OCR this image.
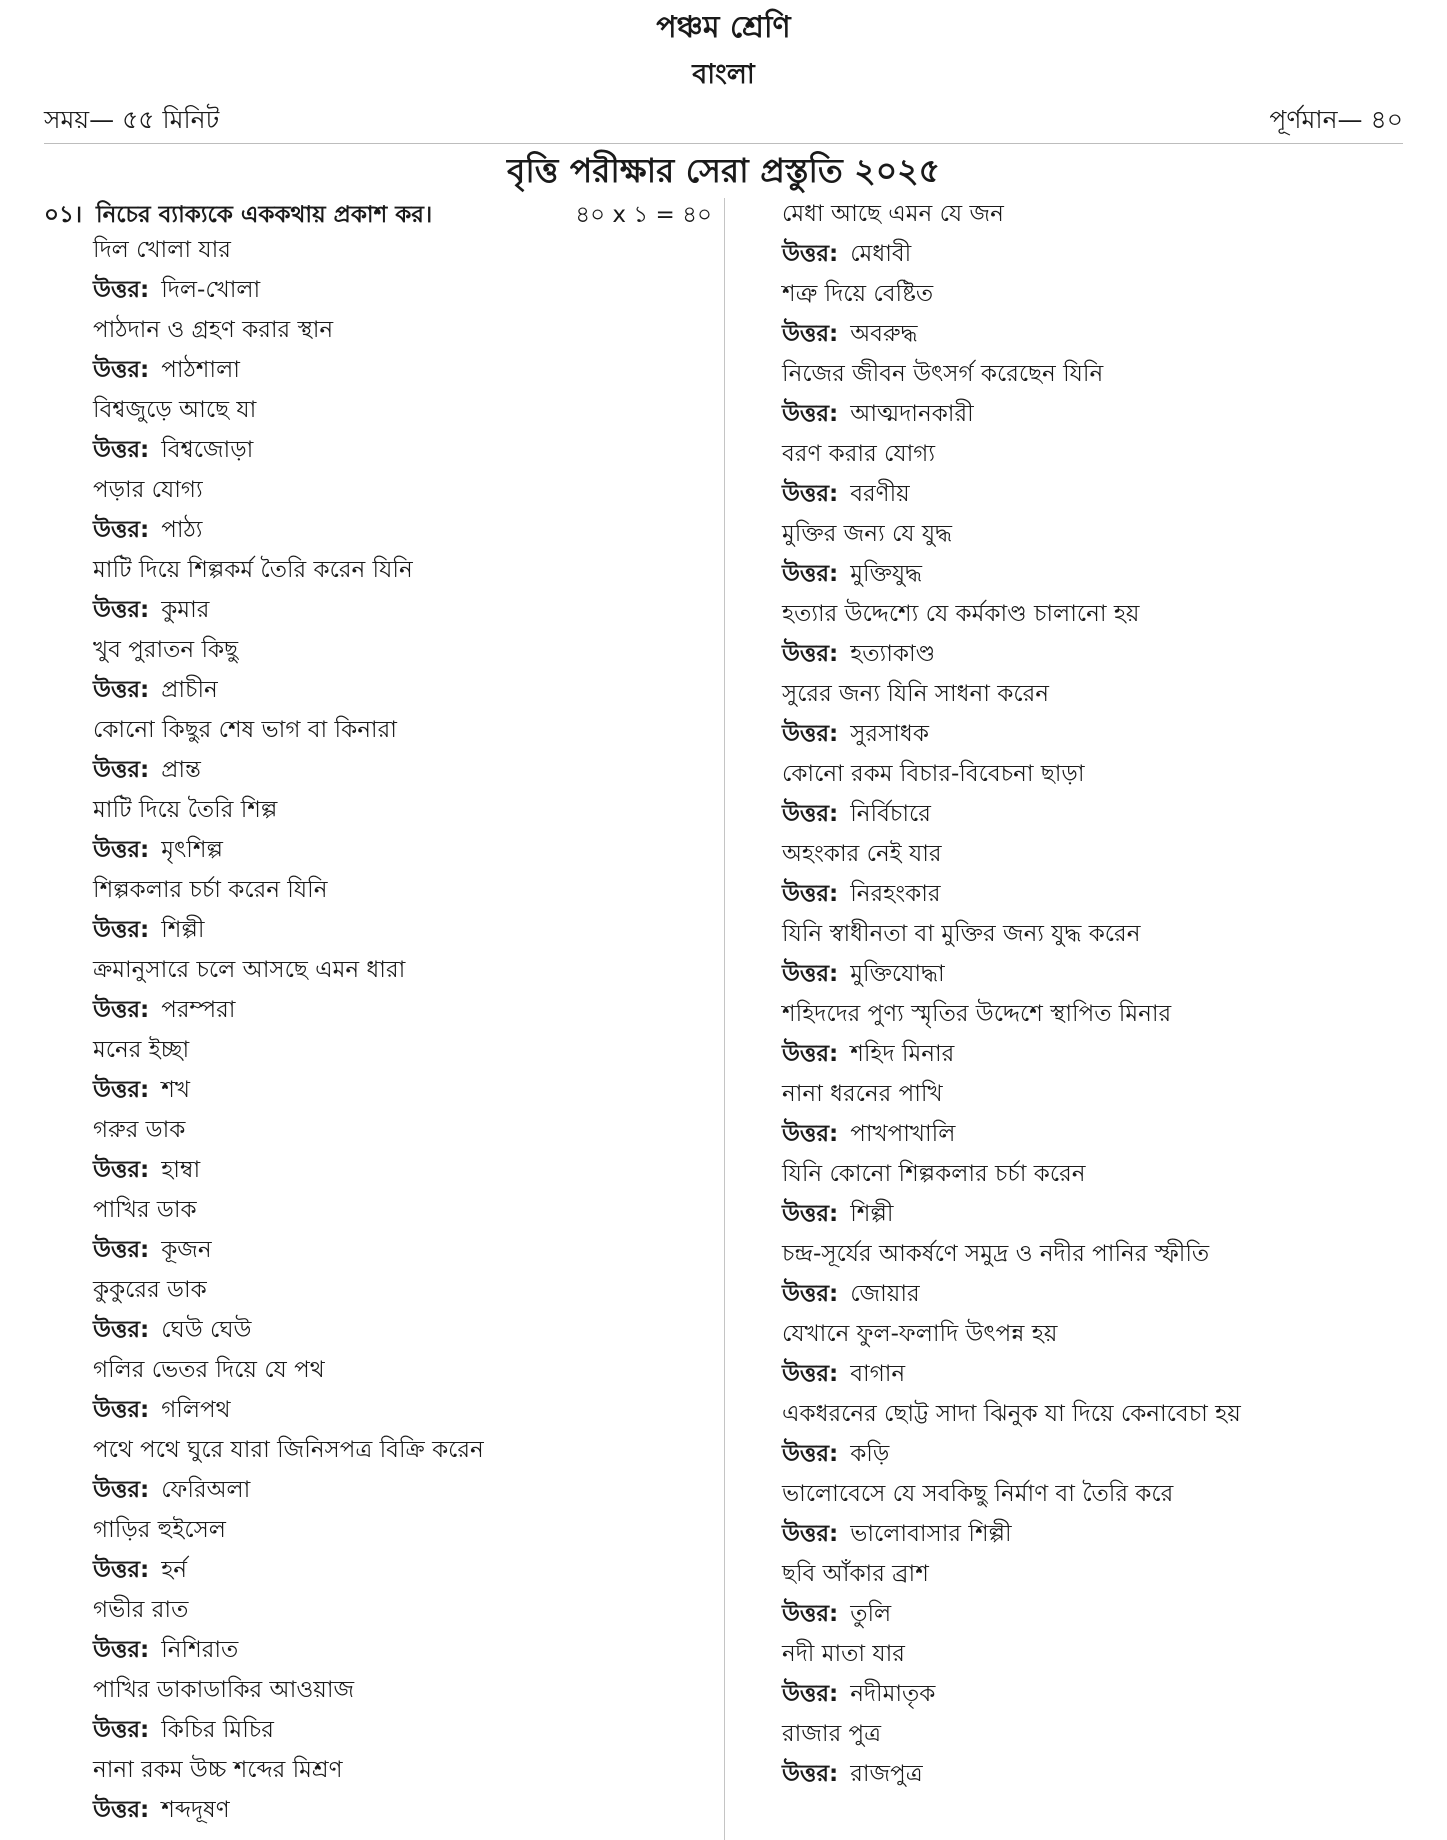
পঞ্চম শ্রেণি
বাংলা
সময়— ৫৫ মিনিট	পূর্ণমান— ৪০
বৃত্তি পরীক্ষার সেরা প্রস্তুতি ২০২৫
০১। নিচের ব্যাক্যকে এককথায় প্রকাশ কর।	৪০ x ১ = ৪০
দিল খোলা যার
উত্তর: দিল-খোলা
পাঠদান ও গ্রহণ করার স্থান
উত্তর: পাঠশালা
বিশ্বজুড়ে আছে যা
উত্তর: বিশ্বজোড়া
পড়ার যোগ্য
উত্তর: পাঠ্য
মাটি দিয়ে শিল্পকর্ম তৈরি করেন যিনি
উত্তর: কুমার
খুব পুরাতন কিছু
উত্তর: প্রাচীন
কোনো কিছুর শেষ ভাগ বা কিনারা
উত্তর: প্রান্ত
মাটি দিয়ে তৈরি শিল্প
উত্তর: মৃৎশিল্প
শিল্পকলার চর্চা করেন যিনি
উত্তর: শিল্পী
ক্রমানুসারে চলে আসছে এমন ধারা
উত্তর: পরম্পরা
মনের ইচ্ছা
উত্তর: শখ
গরুর ডাক
উত্তর: হাম্বা
পাখির ডাক
উত্তর: কূজন
কুকুরের ডাক
উত্তর: ঘেউ ঘেউ
গলির ভেতর দিয়ে যে পথ
উত্তর: গলিপথ
পথে পথে ঘুরে যারা জিনিসপত্র বিক্রি করেন
উত্তর: ফেরিঅলা
গাড়ির হুইসেল
উত্তর: হর্ন
গভীর রাত
উত্তর: নিশিরাত
পাখির ডাকাডাকির আওয়াজ
উত্তর: কিচির মিচির
নানা রকম উচ্চ শব্দের মিশ্রণ
উত্তর: শব্দদূষণ
মেধা আছে এমন যে জন
উত্তর: মেধাবী
শত্রু দিয়ে বেষ্টিত
উত্তর: অবরুদ্ধ
নিজের জীবন উৎসর্গ করেছেন যিনি
উত্তর: আত্মদানকারী
বরণ করার যোগ্য
উত্তর: বরণীয়
মুক্তির জন্য যে যুদ্ধ
উত্তর: মুক্তিযুদ্ধ
হত্যার উদ্দেশ্যে যে কর্মকাণ্ড চালানো হয়
উত্তর: হত্যাকাণ্ড
সুরের জন্য যিনি সাধনা করেন
উত্তর: সুরসাধক
কোনো রকম বিচার-বিবেচনা ছাড়া
উত্তর: নির্বিচারে
অহংকার নেই যার
উত্তর: নিরহংকার
যিনি স্বাধীনতা বা মুক্তির জন্য যুদ্ধ করেন
উত্তর: মুক্তিযোদ্ধা
শহিদদের পুণ্য স্মৃতির উদ্দেশে স্থাপিত মিনার
উত্তর: শহিদ মিনার
নানা ধরনের পাখি
উত্তর: পাখপাখালি
যিনি কোনো শিল্পকলার চর্চা করেন
উত্তর: শিল্পী
চন্দ্র-সূর্যের আকর্ষণে সমুদ্র ও নদীর পানির স্ফীতি
উত্তর: জোয়ার
যেখানে ফুল-ফলাদি উৎপন্ন হয়
উত্তর: বাগান
একধরনের ছোট্ট সাদা ঝিনুক যা দিয়ে কেনাবেচা হয়
উত্তর: কড়ি
ভালোবেসে যে সবকিছু নির্মাণ বা তৈরি করে
উত্তর: ভালোবাসার শিল্পী
ছবি আঁকার ব্রাশ
উত্তর: তুলি
নদী মাতা যার
উত্তর: নদীমাতৃক
রাজার পুত্র
উত্তর: রাজপুত্র
